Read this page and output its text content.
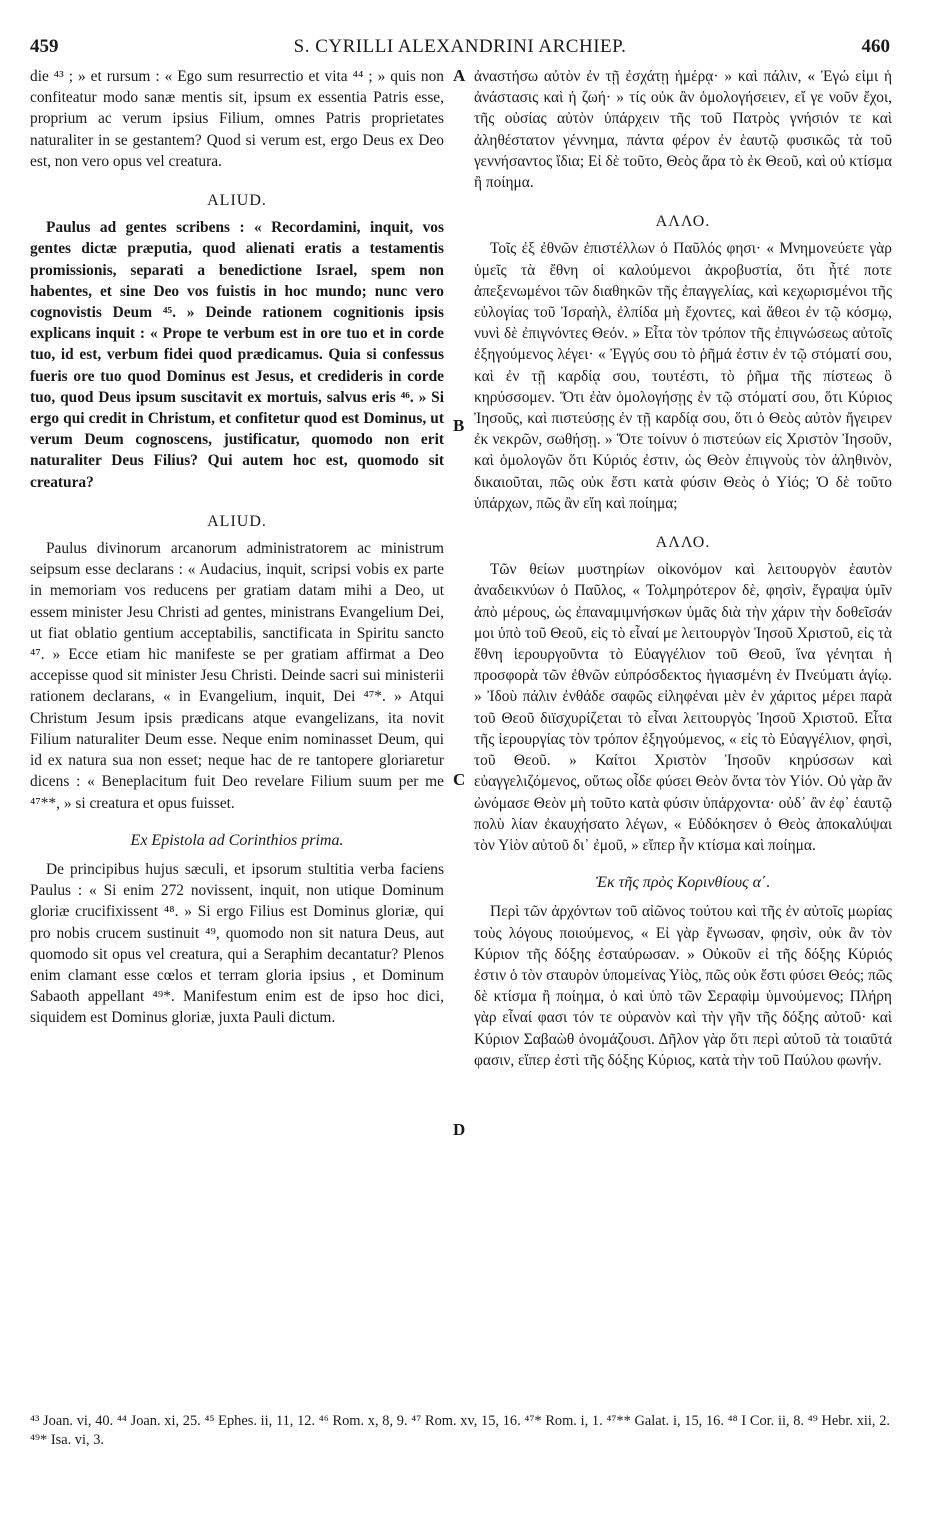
459	S. CYRILLI ALEXANDRINI ARCHIEP.	460
A
B
C
D

die ⁴³ ; » et rursum : « Ego sum resurrectio et vita ⁴⁴ ; » quis non confiteatur modo sanæ mentis sit, ipsum ex essentia Patris esse, proprium ac verum ipsius Filium, omnes Patris proprietates naturaliter in se gestantem? Quod si verum est, ergo Deus ex Deo est, non vero opus vel creatura.

ALIUD.

Paulus ad gentes scribens : « Recordamini, inquit, vos gentes dictæ præputia, quod alienati eratis a testamentis promissionis, separati a benedictione Israel, spem non habentes, et sine Deo vos fuistis in hoc mundo; nunc vero cognovistis Deum ⁴⁵. » Deinde rationem cognitionis ipsis explicans inquit : « Prope te verbum est in ore tuo et in corde tuo, id est, verbum fidei quod prædicamus. Quia si confessus fueris ore tuo quod Dominus est Jesus, et credideris in corde tuo, quod Deus ipsum suscitavit ex mortuis, salvus eris ⁴⁶. » Si ergo qui credit in Christum, et confitetur quod est Dominus, ut verum Deum cognoscens, justificatur, quomodo non erit naturaliter Deus Filius? Qui autem hoc est, quomodo sit creatura?

ALIUD.

Paulus divinorum arcanorum administratorem ac ministrum seipsum esse declarans : « Audacius, inquit, scripsi vobis ex parte in memoriam vos reducens per gratiam datam mihi a Deo, ut essem minister Jesu Christi ad gentes, ministrans Evangelium Dei, ut fiat oblatio gentium acceptabilis, sanctificata in Spiritu sancto ⁴⁷. » Ecce etiam hic manifeste se per gratiam affirmat a Deo accepisse quod sit minister Jesu Christi. Deinde sacri sui ministerii rationem declarans, « in Evangelium, inquit, Dei ⁴⁷*. » Atqui Christum Jesum ipsis prædicans atque evangelizans, ita novit Filium naturaliter Deum esse. Neque enim nominasset Deum, qui id ex natura sua non esset; neque hac de re tantopere gloriaretur dicens : « Beneplacitum fuit Deo revelare Filium suum per me ⁴⁷**, » si creatura et opus fuisset.

Ex Epistola ad Corinthios prima.

De principibus hujus sæculi, et ipsorum stultitia verba faciens Paulus : « Si enim 272 novissent, inquit, non utique Dominum gloriæ crucifixissent ⁴⁸. » Si ergo Filius est Dominus gloriæ, qui pro nobis crucem sustinuit ⁴⁹, quomodo non sit natura Deus, aut quomodo sit opus vel creatura, qui a Seraphim decantatur? Plenos enim clamant esse cœlos et terram gloria ipsius , et Dominum Sabaoth appellant ⁴⁹*. Manifestum enim est de ipso hoc dici, siquidem est Dominus gloriæ, juxta Pauli dictum.

ἀναστήσω αὐτὸν ἐν τῇ ἐσχάτῃ ἡμέρᾳ· » καὶ πάλιν, « Ἐγώ εἰμι ἡ ἀνάστασις καὶ ἡ ζωή· » τίς οὐκ ἂν ὁμολογήσειεν, εἴ γε νοῦν ἔχοι, τῆς οὐσίας αὐτὸν ὑπάρχειν τῆς τοῦ Πατρὸς γνήσιόν τε καὶ ἀληθέστατον γέννημα, πάντα φέρον ἐν ἑαυτῷ φυσικῶς τὰ τοῦ γεννήσαντος ἴδια; Εἰ δὲ τοῦτο, Θεὸς ἄρα τὸ ἐκ Θεοῦ, καὶ οὐ κτίσμα ἢ ποίημα.

ΑΛΛΟ.

Τοῖς ἐξ ἐθνῶν ἐπιστέλλων ὁ Παῦλός φησι· « Μνημονεύετε γὰρ ὑμεῖς τὰ ἔθνη οἱ καλούμενοι ἀκροβυστία, ὅτι ἦτέ ποτε ἀπεξενωμένοι τῶν διαθηκῶν τῆς ἐπαγγελίας, καὶ κεχωρισμένοι τῆς εὐλογίας τοῦ Ἰσραὴλ, ἐλπίδα μὴ ἔχοντες, καὶ ἄθεοι ἐν τῷ κόσμῳ, νυνὶ δὲ ἐπιγνόντες Θεόν. » Εἶτα τὸν τρόπον τῆς ἐπιγνώσεως αὐτοῖς ἐξηγούμενος λέγει· « Ἐγγύς σου τὸ ῥῆμά ἐστιν ἐν τῷ στόματί σου, καὶ ἐν τῇ καρδίᾳ σου, τουτέστι, τὸ ῥῆμα τῆς πίστεως ὃ κηρύσσομεν. Ὅτι ἐὰν ὁμολογήσῃς ἐν τῷ στόματί σου, ὅτι Κύριος Ἰησοῦς, καὶ πιστεύσῃς ἐν τῇ καρδίᾳ σου, ὅτι ὁ Θεὸς αὐτὸν ἤγειρεν ἐκ νεκρῶν, σωθήσῃ. » Ὅτε τοίνυν ὁ πιστεύων εἰς Χριστὸν Ἰησοῦν, καὶ ὁμολογῶν ὅτι Κύριός ἐστιν, ὡς Θεὸν ἐπιγνοὺς τὸν ἀληθινὸν, δικαιοῦται, πῶς οὐκ ἔστι κατὰ φύσιν Θεὸς ὁ Υἱός; Ὁ δὲ τοῦτο ὑπάρχων, πῶς ἂν εἴη καὶ ποίημα;

ΑΛΛΟ.

Τῶν θείων μυστηρίων οἰκονόμον καὶ λειτουργὸν ἑαυτὸν ἀναδεικνύων ὁ Παῦλος, « Τολμηρότερον δὲ, φησὶν, ἔγραψα ὑμῖν ἀπὸ μέρους, ὡς ἐπαναμιμνήσκων ὑμᾶς διὰ τὴν χάριν τὴν δοθεῖσάν μοι ὑπὸ τοῦ Θεοῦ, εἰς τὸ εἶναί με λειτουργὸν Ἰησοῦ Χριστοῦ, εἰς τὰ ἔθνη ἱερουργοῦντα τὸ Εὐαγγέλιον τοῦ Θεοῦ, ἵνα γένηται ἡ προσφορὰ τῶν ἐθνῶν εὐπρόσδεκτος ἡγιασμένη ἐν Πνεύματι ἁγίῳ. » Ἰδοὺ πάλιν ἐνθάδε σαφῶς εἰληφέναι μὲν ἐν χάριτος μέρει παρὰ τοῦ Θεοῦ διϊσχυρίζεται τὸ εἶναι λειτουργὸς Ἰησοῦ Χριστοῦ. Εἶτα τῆς ἱερουργίας τὸν τρόπον ἐξηγούμενος, « εἰς τὸ Εὐαγγέλιον, φησὶ, τοῦ Θεοῦ. » Καίτοι Χριστὸν Ἰησοῦν κηρύσσων καὶ εὐαγγελιζόμενος, οὕτως οἶδε φύσει Θεὸν ὄντα τὸν Υἱόν. Οὐ γὰρ ἂν ὠνόμασε Θεὸν μὴ τοῦτο κατὰ φύσιν ὑπάρχοντα· οὐδ᾽ ἂν ἐφ᾽ ἑαυτῷ πολὺ λίαν ἐκαυχήσατο λέγων, « Εὐδόκησεν ὁ Θεὸς ἀποκαλύψαι τὸν Υἱὸν αὐτοῦ δι᾽ ἐμοῦ, » εἴπερ ἦν κτίσμα καὶ ποίημα.

Ἐκ τῆς πρὸς Κορινθίους α΄.

Περὶ τῶν ἀρχόντων τοῦ αἰῶνος τούτου καὶ τῆς ἐν αὐτοῖς μωρίας τοὺς λόγους ποιούμενος, « Εἰ γὰρ ἔγνωσαν, φησὶν, οὐκ ἂν τὸν Κύριον τῆς δόξης ἐσταύρωσαν. » Οὐκοῦν εἰ τῆς δόξης Κύριός ἐστιν ὁ τὸν σταυρὸν ὑπομείνας Υἱὸς, πῶς οὐκ ἔστι φύσει Θεός; πῶς δὲ κτίσμα ἢ ποίημα, ὁ καὶ ὑπὸ τῶν Σεραφὶμ ὑμνούμενος; Πλήρη γὰρ εἶναί φασι τόν τε οὐρανὸν καὶ τὴν γῆν τῆς δόξης αὐτοῦ· καὶ Κύριον Σαβαὼθ ὀνομάζουσι. Δῆλον γὰρ ὅτι περὶ αὐτοῦ τὰ τοιαῦτά φασιν, εἴπερ ἐστὶ τῆς δόξης Κύριος, κατὰ τὴν τοῦ Παύλου φωνήν.

⁴³ Joan. vi, 40. ⁴⁴ Joan. xi, 25. ⁴⁵ Ephes. ii, 11, 12. ⁴⁶ Rom. x, 8, 9. ⁴⁷ Rom. xv, 15, 16. ⁴⁷* Rom. i, 1. ⁴⁷** Galat. i, 15, 16. ⁴⁸ I Cor. ii, 8. ⁴⁹ Hebr. xii, 2. ⁴⁹* Isa. vi, 3.
